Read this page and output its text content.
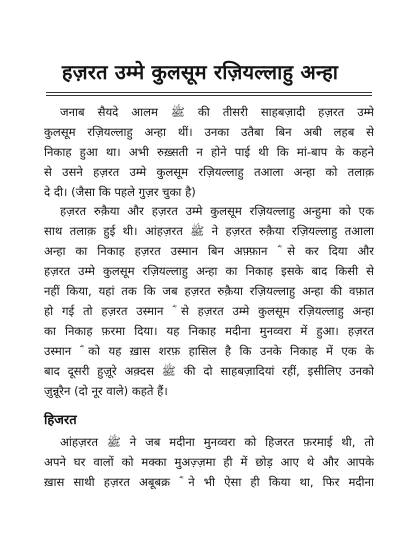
हज़रत उम्मे कुलसूम रज़ियल्लाहु अन्हा
जनाब सैयदे आलम ﷺ की तीसरी साहबज़ादी हज़रत उम्मे
कुलसूम रज़ियल्लाहु अन्हा थीं। उनका उतैबा बिन अबी लहब से
निकाह हुआ था। अभी रुख़्सती न होने पाई थी कि मां-बाप के कहने
से उसने हज़रत उम्मे कुलसूम रज़ियल्लाहु तआला अन्हा को तलाक़
दे दी। (जैसा कि पहले गुज़र चुका है)
हज़रत रुक़ैया और हज़रत उम्मे कुलसूम रज़ियल्लाहु अन्हुमा को एक
साथ तलाक़ हुई थी। आंहज़रत ﷺ ने हज़रत रुक़ैया रज़ियल्लाहु तआला
अन्हा का निकाह हज़रत उस्मान बिन अफ़्फ़ान ؓ से कर दिया और
हज़रत उम्मे कुलसूम रज़ियल्लाहु अन्हा का निकाह इसके बाद किसी से
नहीं किया, यहां तक कि जब हज़रत रुक़ैया रज़ियल्लाहु अन्हा की वफ़ात
हो गई तो हज़रत उस्मान ؓ से हज़रत उम्मे कुलसूम रज़ियल्लाहु अन्हा
का निकाह फ़रमा दिया। यह निकाह मदीना मुनव्वरा में हुआ। हज़रत
उस्मान ؓ को यह ख़ास शरफ़ हासिल है कि उनके निकाह में एक के
बाद दूसरी हुज़ूरे अक़्दस ﷺ की दो साहबज़ादियां रहीं, इसीलिए उनको
ज़ुन्नूरैन (दो नूर वाले) कहते हैं।
हिजरत
आंहज़रत ﷺ ने जब मदीना मुनव्वरा को हिजरत फ़रमाई थी, तो
अपने घर वालों को मक्का मुअज़्ज़मा ही में छोड़ आए थे और आपके
ख़ास साथी हज़रत अबूबक्र ؓ ने भी ऐसा ही किया था, फिर मदीना
